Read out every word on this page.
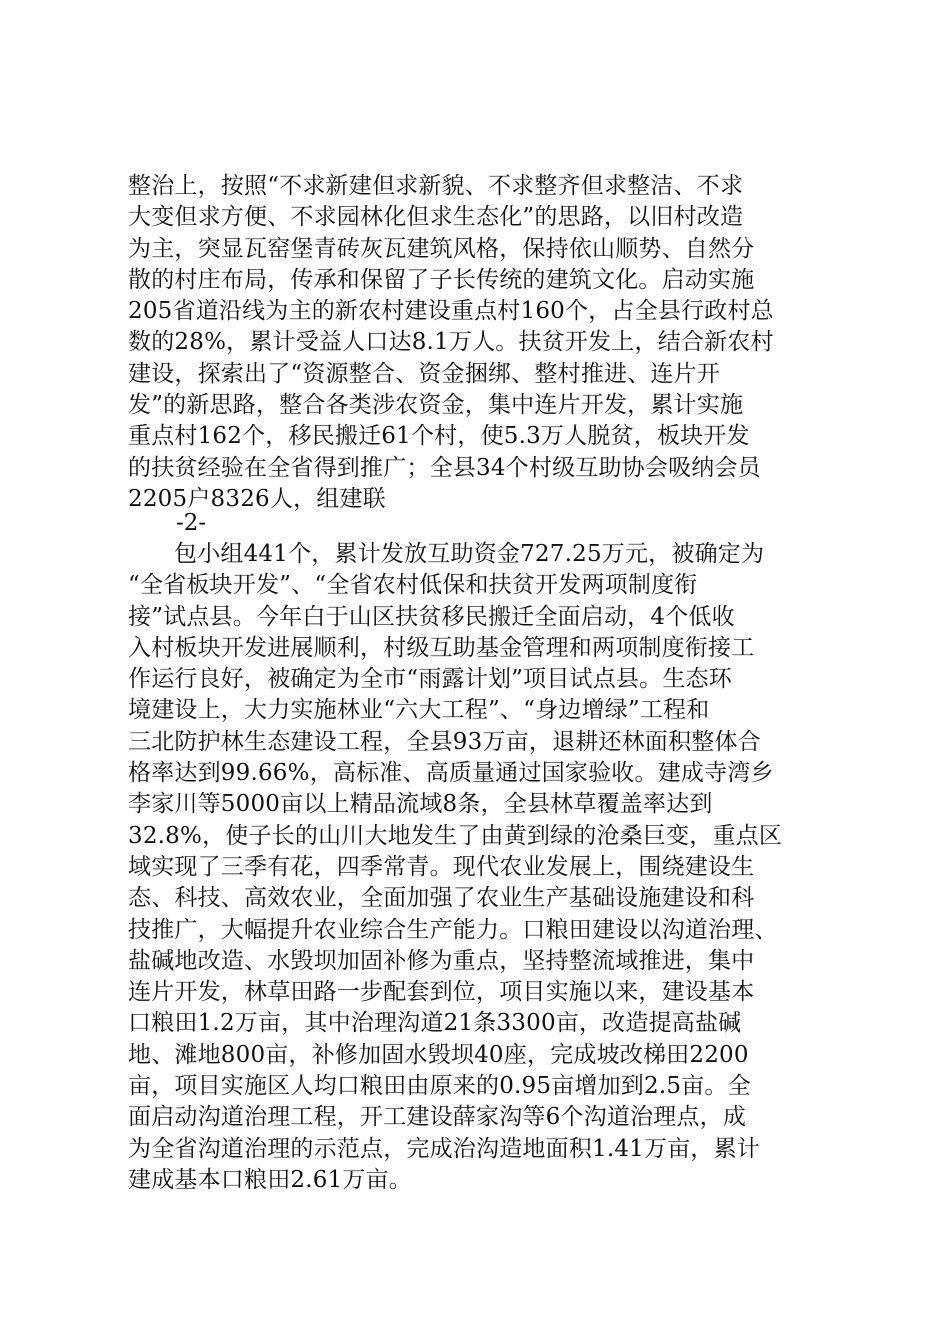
整治上，按照“不求新建但求新貌、不求整齐但求整洁、不求
大变但求方便、不求园林化但求生态化”的思路，以旧村改造
为主，突显瓦窑堡青砖灰瓦建筑风格，保持依山顺势、自然分
散的村庄布局，传承和保留了子长传统的建筑文化。启动实施
205省道沿线为主的新农村建设重点村160个，占全县行政村总
数的28%，累计受益人口达8.1万人。扶贫开发上，结合新农村
建设，探索出了“资源整合、资金捆绑、整村推进、连片开
发”的新思路，整合各类涉农资金，集中连片开发，累计实施
重点村162个，移民搬迁61个村，使5.3万人脱贫，板块开发
的扶贫经验在全省得到推广；全县34个村级互助协会吸纳会员
2205户8326人，组建联
-2-
包小组441个，累计发放互助资金727.25万元，被确定为
“全省板块开发”、“全省农村低保和扶贫开发两项制度衔
接”试点县。今年白于山区扶贫移民搬迁全面启动，4个低收
入村板块开发进展顺利，村级互助基金管理和两项制度衔接工
作运行良好，被确定为全市“雨露计划”项目试点县。生态环
境建设上，大力实施林业“六大工程”、“身边增绿”工程和
三北防护林生态建设工程，全县93万亩，退耕还林面积整体合
格率达到99.66%，高标准、高质量通过国家验收。建成寺湾乡
李家川等5000亩以上精品流域8条，全县林草覆盖率达到
32.8%，使子长的山川大地发生了由黄到绿的沧桑巨变，重点区
域实现了三季有花，四季常青。现代农业发展上，围绕建设生
态、科技、高效农业，全面加强了农业生产基础设施建设和科
技推广，大幅提升农业综合生产能力。口粮田建设以沟道治理、
盐碱地改造、水毁坝加固补修为重点，坚持整流域推进，集中
连片开发，林草田路一步配套到位，项目实施以来，建设基本
口粮田1.2万亩，其中治理沟道21条3300亩，改造提高盐碱
地、滩地800亩，补修加固水毁坝40座，完成坡改梯田2200
亩，项目实施区人均口粮田由原来的0.95亩增加到2.5亩。全
面启动沟道治理工程，开工建设薛家沟等6个沟道治理点，成
为全省沟道治理的示范点，完成治沟造地面积1.41万亩，累计
建成基本口粮田2.61万亩。
